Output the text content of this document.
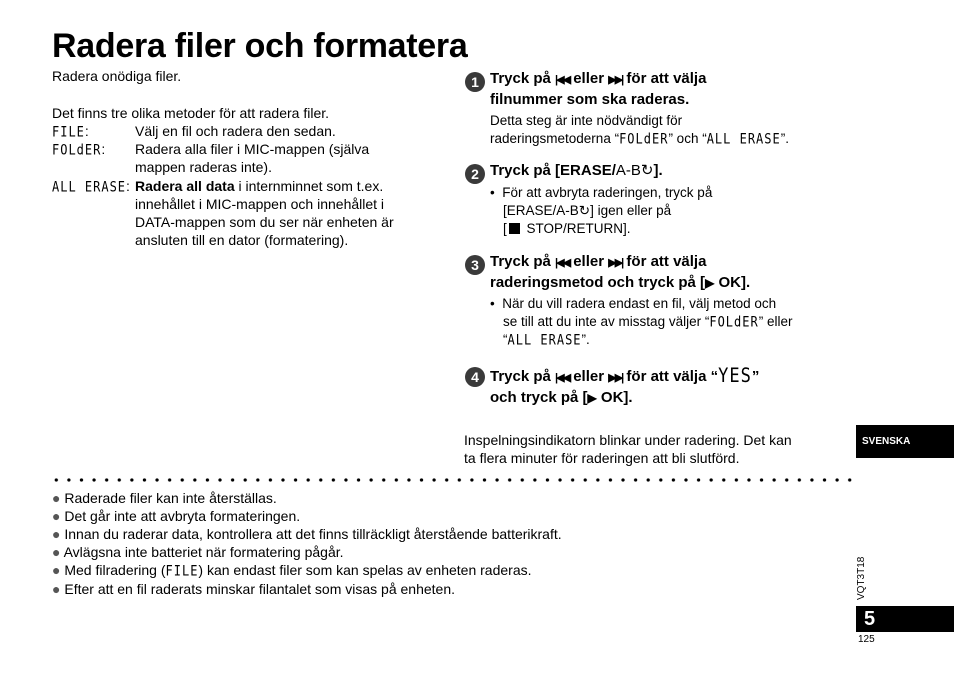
Radera filer och formatera
Radera onödiga filer.
Det finns tre olika metoder för att radera filer.
FILE:	Välj en fil och radera den sedan.
FOLdER: Radera alla filer i MIC-mappen (själva
mappen raderas inte).
ALL ERASE: Radera all data i internminnet som t.ex.
innehållet i MIC-mappen och innehållet i
DATA-mappen som du ser när enheten är
ansluten till en dator (formatering).
1 Tryck på |◀◀ eller ▶▶| för att välja
filnummer som ska raderas.
Detta steg är inte nödvändigt för
raderingsmetoderna “FOLdER” och “ALL ERASE”.
2 Tryck på [ERASE/A-B↻].
•  För att avbryta raderingen, tryck på
[ERASE/A-B↻] igen eller på
[ STOP/RETURN].
3 Tryck på |◀◀ eller ▶▶| för att välja
raderingsmetod och tryck på [▶ OK].
•  När du vill radera endast en fil, välj metod och
se till att du inte av misstag väljer “FOLdER” eller
“ALL ERASE”.
4 Tryck på |◀◀ eller ▶▶| för att välja “YES”
och tryck på [▶ OK].
Inspelningsindikatorn blinkar under radering. Det kan
ta flera minuter för raderingen att bli slutförd.
● Raderade filer kan inte återställas.
● Det går inte att avbryta formateringen.
● Innan du raderar data, kontrollera att det finns tillräckligt återstående batterikraft.
● Avlägsna inte batteriet när formatering pågår.
● Med filradering (FILE) kan endast filer som kan spelas av enheten raderas.
● Efter att en fil raderats minskar filantalet som visas på enheten.
SVENSKA
VQT3T18
5
125
